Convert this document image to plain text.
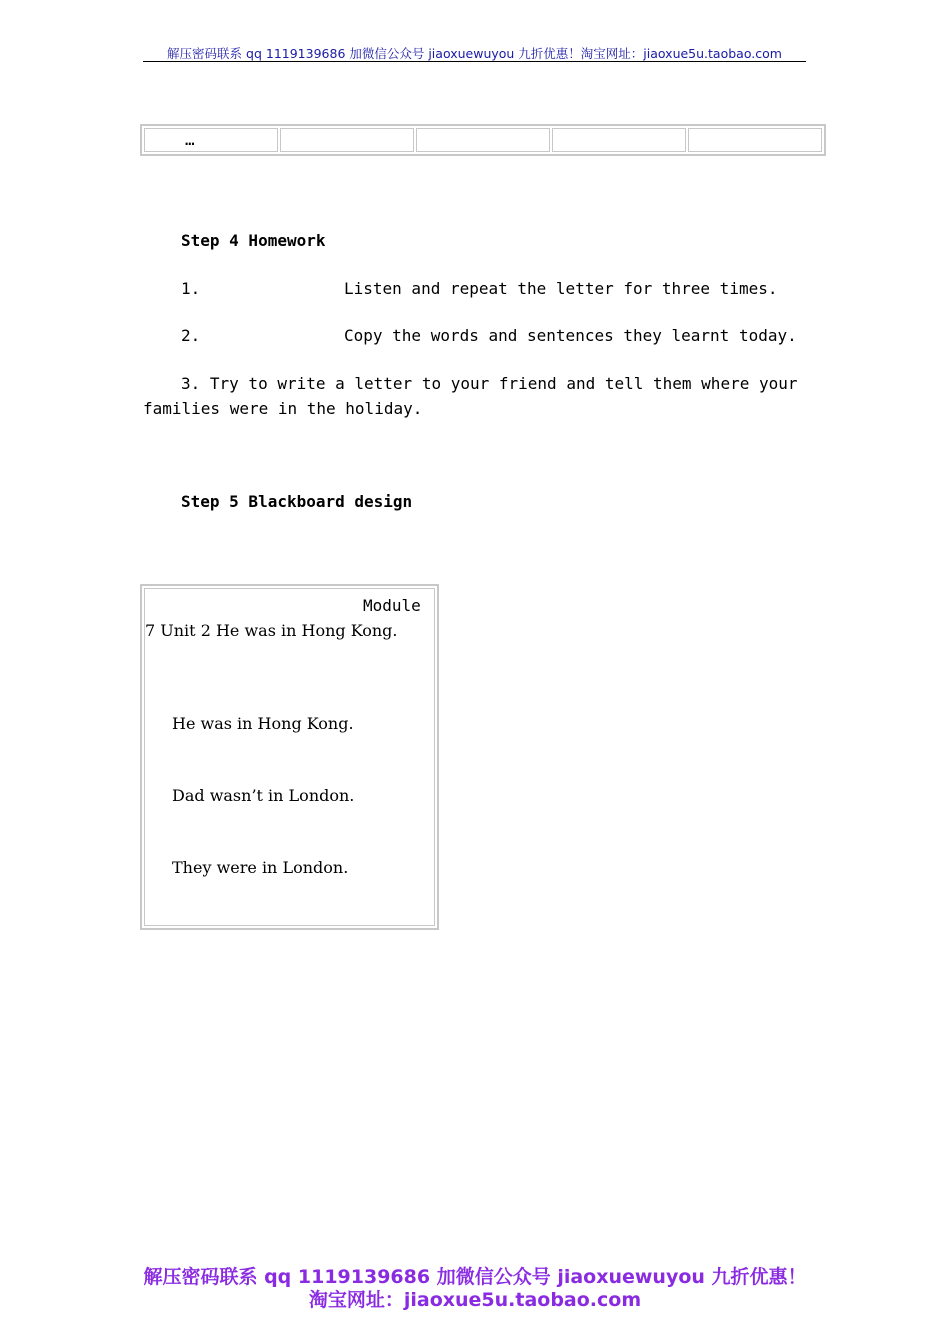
解压密码联系 qq 1119139686 加微信公众号 jiaoxuewuyou 九折优惠！淘宝网址：jiaoxue5u.taobao.com
…
Step 4 Homework
1.	Listen and repeat the letter for three times.
2.	Copy the words and sentences they learnt today.
3. Try to write a letter to your friend and tell them where your families were in the holiday.
Step 5 Blackboard design
Module
7 Unit 2 He was in Hong Kong.
He was in Hong Kong.
Dad wasn’t in London.
They were in London.
解压密码联系 qq 1119139686 加微信公众号 jiaoxuewuyou 九折优惠！
淘宝网址：jiaoxue5u.taobao.com
